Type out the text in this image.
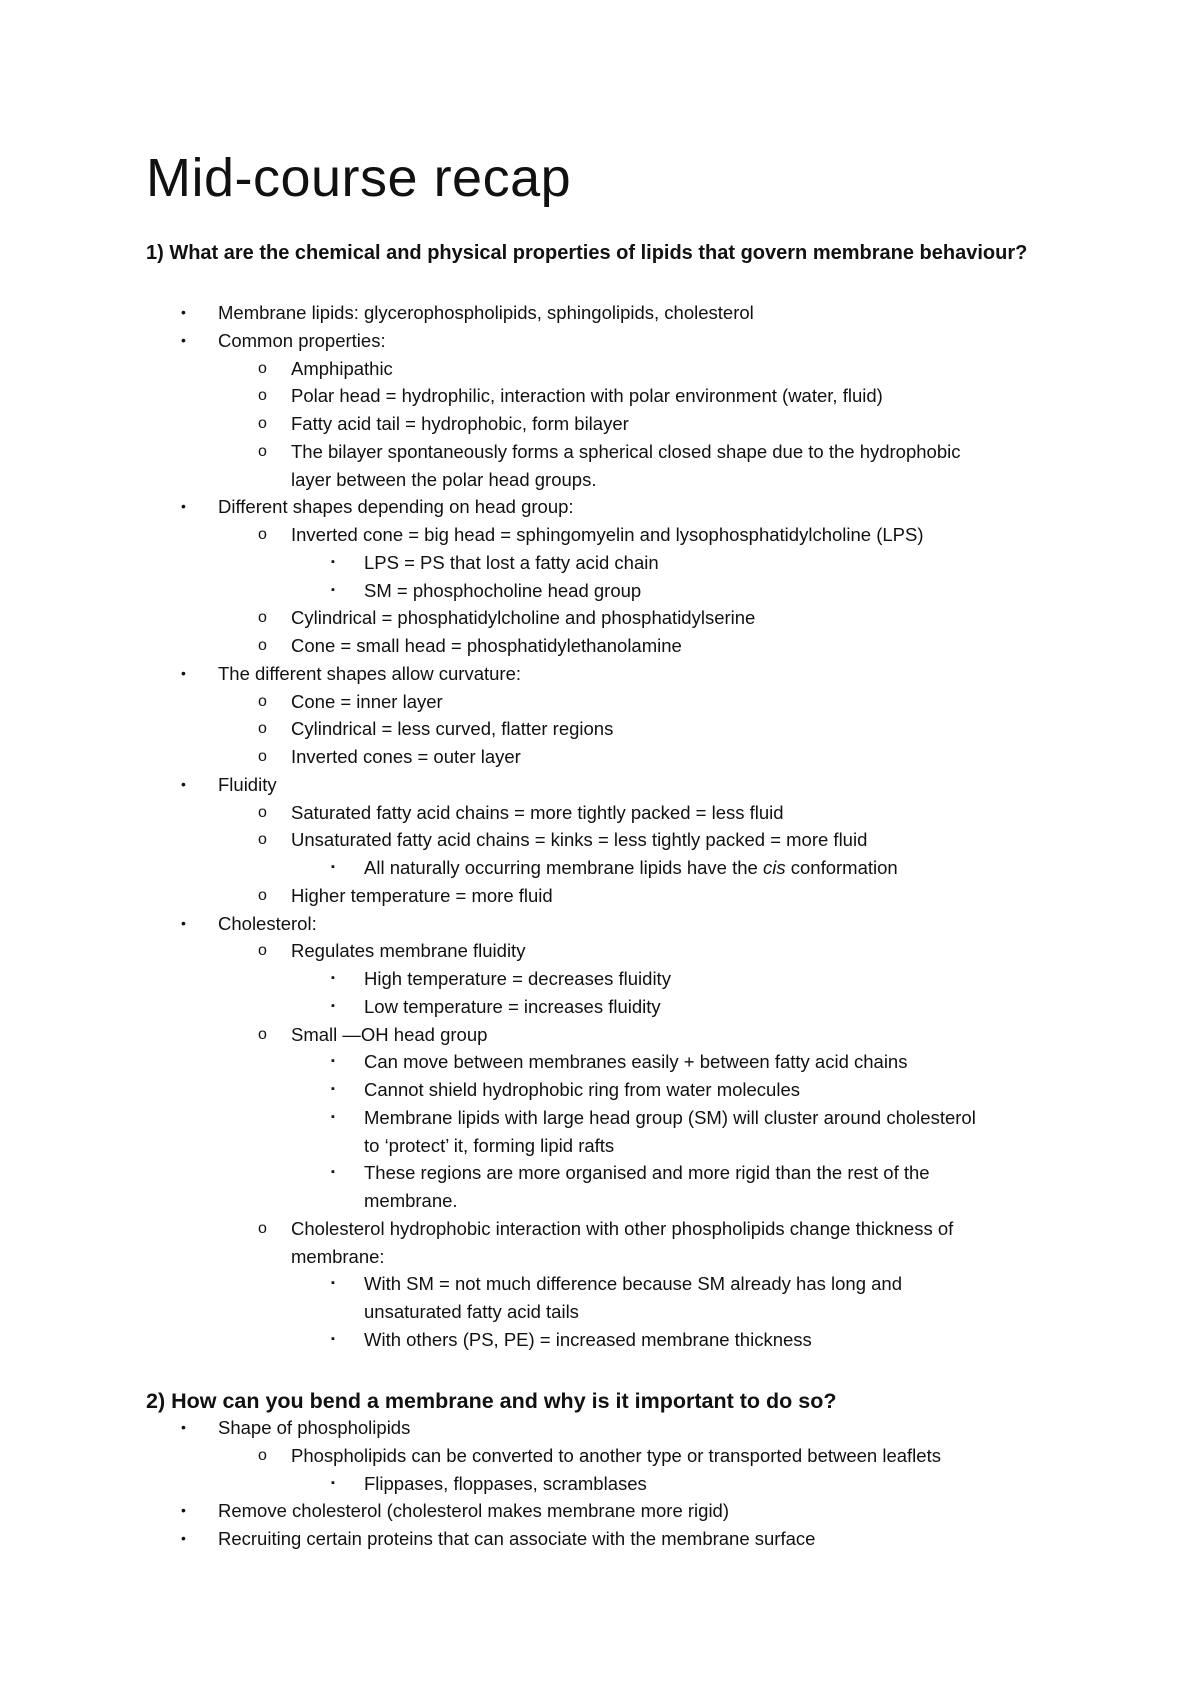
Mid-course recap
1) What are the chemical and physical properties of lipids that govern membrane behaviour?
• Membrane lipids: glycerophospholipids, sphingolipids, cholesterol
• Common properties:
o Amphipathic
o Polar head = hydrophilic, interaction with polar environment (water, fluid)
o Fatty acid tail = hydrophobic, form bilayer
o The bilayer spontaneously forms a spherical closed shape due to the hydrophobic
layer between the polar head groups.
• Different shapes depending on head group:
o Inverted cone = big head = sphingomyelin and lysophosphatidylcholine (LPS)
▪ LPS = PS that lost a fatty acid chain
▪ SM = phosphocholine head group
o Cylindrical = phosphatidylcholine and phosphatidylserine
o Cone = small head = phosphatidylethanolamine
• The different shapes allow curvature:
o Cone = inner layer
o Cylindrical = less curved, flatter regions
o Inverted cones = outer layer
• Fluidity
o Saturated fatty acid chains = more tightly packed = less fluid
o Unsaturated fatty acid chains = kinks = less tightly packed = more fluid
▪ All naturally occurring membrane lipids have the cis conformation
o Higher temperature = more fluid
• Cholesterol:
o Regulates membrane fluidity
▪ High temperature = decreases fluidity
▪ Low temperature = increases fluidity
o Small —OH head group
▪ Can move between membranes easily + between fatty acid chains
▪ Cannot shield hydrophobic ring from water molecules
▪ Membrane lipids with large head group (SM) will cluster around cholesterol
to ‘protect’ it, forming lipid rafts
▪ These regions are more organised and more rigid than the rest of the
membrane.
o Cholesterol hydrophobic interaction with other phospholipids change thickness of
membrane:
▪ With SM = not much difference because SM already has long and
unsaturated fatty acid tails
▪ With others (PS, PE) = increased membrane thickness
2) How can you bend a membrane and why is it important to do so?
• Shape of phospholipids
o Phospholipids can be converted to another type or transported between leaflets
▪ Flippases, floppases, scramblases
• Remove cholesterol (cholesterol makes membrane more rigid)
• Recruiting certain proteins that can associate with the membrane surface
